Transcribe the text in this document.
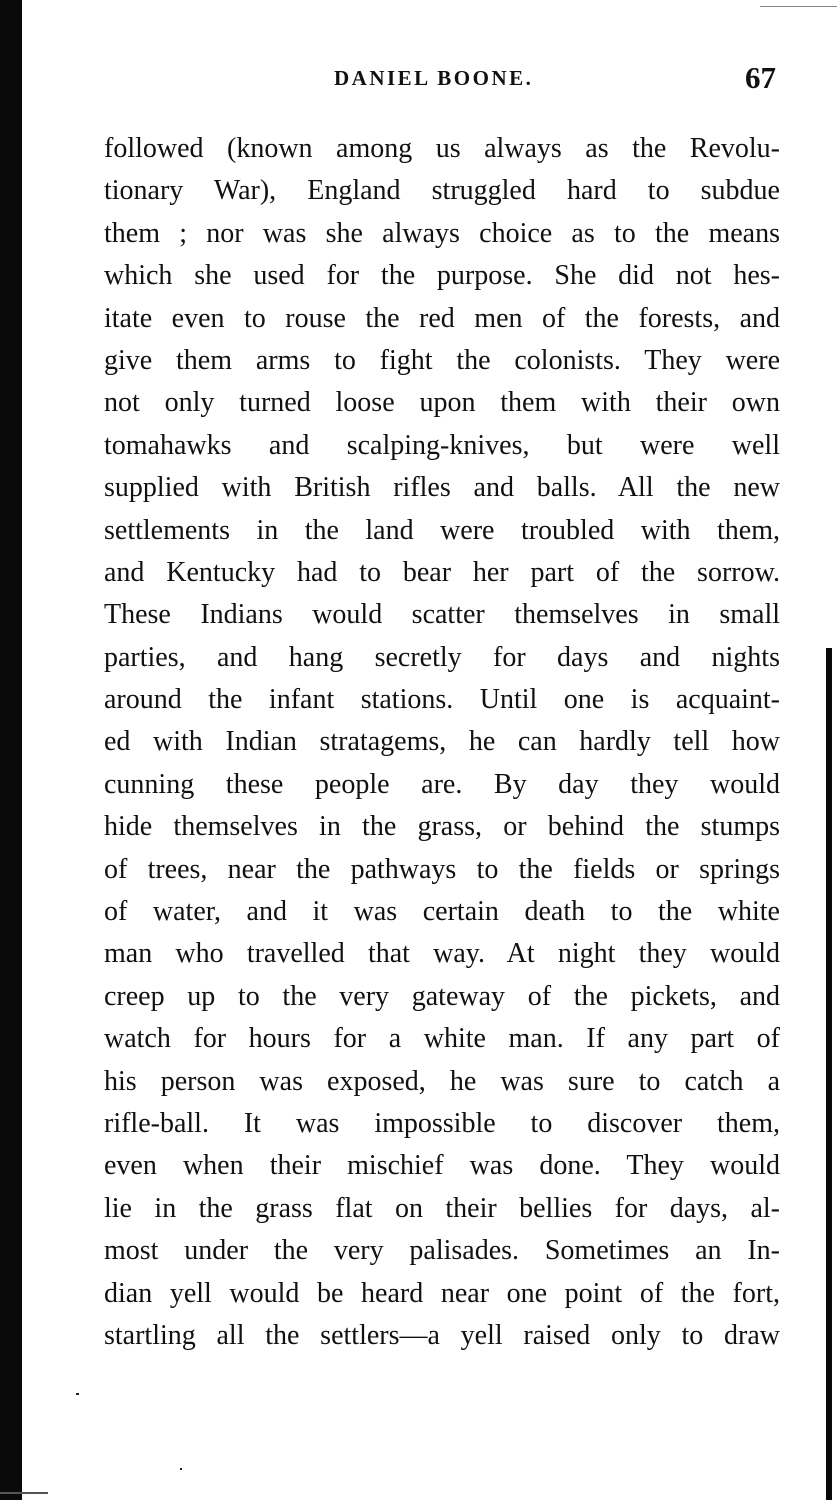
DANIEL BOONE.	67
followed (known among us always as the Revolu-
tionary War), England struggled hard to subdue
them ; nor was she always choice as to the means
which she used for the purpose. She did not hes-
itate even to rouse the red men of the forests, and
give them arms to fight the colonists. They were
not only turned loose upon them with their own
tomahawks and scalping-knives, but were well
supplied with British rifles and balls. All the new
settlements in the land were troubled with them,
and Kentucky had to bear her part of the sorrow.
These Indians would scatter themselves in small
parties, and hang secretly for days and nights
around the infant stations. Until one is acquaint-
ed with Indian stratagems, he can hardly tell how
cunning these people are. By day they would
hide themselves in the grass, or behind the stumps
of trees, near the pathways to the fields or springs
of water, and it was certain death to the white
man who travelled that way. At night they would
creep up to the very gateway of the pickets, and
watch for hours for a white man. If any part of
his person was exposed, he was sure to catch a
rifle-ball. It was impossible to discover them,
even when their mischief was done. They would
lie in the grass flat on their bellies for days, al-
most under the very palisades. Sometimes an In-
dian yell would be heard near one point of the fort,
startling all the settlers—a yell raised only to draw
